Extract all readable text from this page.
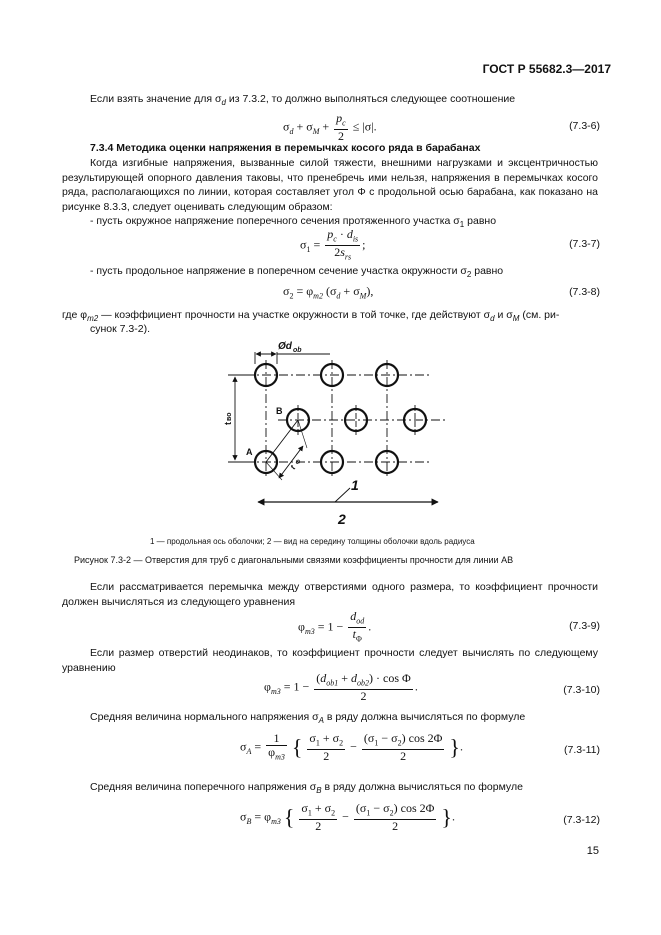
ГОСТ Р 55682.3—2017
Если взять значение для $\sigma_d$ из 7.3.2, то должно выполняться следующее соотношение
$\sigma_d + \sigma_M + \frac{p_c}{2} \le |\sigma|$.	(7.3-6)
7.3.4 Методика оценки напряжения в перемычках косого ряда в барабанах
Когда изгибные напряжения, вызванные силой тяжести, внешними нагрузками и эксцентричностью результирующей опорного давления таковы, что пренебречь ими нельзя, напряжения в перемычках косого ряда, располагающихся по линии, которая составляет угол Φ с продольной осью барабана, как показано на рисунке 8.3.3, следует оценивать следующим образом:
- пусть окружное напряжение поперечного сечения протяженного участка $\sigma_1$ равно
$\sigma_1 = \frac{p_c \cdot d_{is}}{2s_{rs}}$ ;	(7.3-7)
- пусть продольное напряжение в поперечном сечение участка окружности $\sigma_2$ равно
$\sigma_2 = \varphi_{m2}$ $(\sigma_d + \sigma_M)$,	(7.3-8)
где $\varphi_{m2}$ — коэффициент прочности на участке окружности в той точке, где действуют $\sigma_d$ и $\sigma_M$ (см. ри-
сунок 7.3-2).
Ød ob
t
во
A
B
t
Φ
1
2
1 — продольная ось оболочки; 2 — вид на середину толщины оболочки вдоль радиуса
Рисунок 7.3-2 — Отверстия для труб с диагональными связями коэффициенты прочности для линии АВ
Если рассматривается перемычка между отверстиями одного размера, то коэффициент прочности должен вычисляться из следующего уравнения
$\varphi_{m3} = 1 - \frac{d_{od}}{t_\Phi}$ .	(7.3-9)
Если размер отверстий неодинаков, то коэффициент прочности следует вычислять по следующему уравнению
$\varphi_{m3} = 1 - \frac{(d_{ob1} + d_{ob2}) \cdot \cos \Phi}{2}$ .	(7.3-10)
Средняя величина нормального напряжения $\sigma_A$ в ряду должна вычисляться по формуле
$\sigma_A = \frac{1}{\varphi_{m3}}$ { $\frac{\sigma_1 + \sigma_2}{2} - \frac{(\sigma_1 - \sigma_2) \cos 2\Phi}{2}$ }.	(7.3-11)
Средняя величина поперечного напряжения $\sigma_B$ в ряду должна вычисляться по формуле
$\sigma_B = \varphi_{m3}$ { $\frac{\sigma_1 + \sigma_2}{2} - \frac{(\sigma_1 - \sigma_2) \cos 2\Phi}{2}$ }.	(7.3-12)
15
